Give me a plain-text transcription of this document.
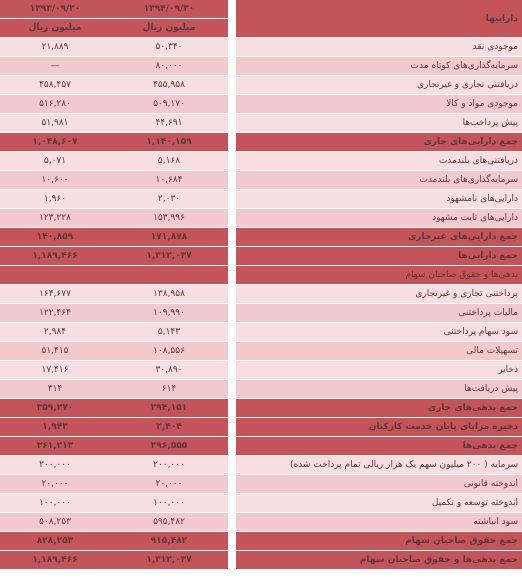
داراییها		۱۳۹۴/۰۹/۳۰	۱۳۹۳/۰۹/۳۰
		میلیون ریال	میلیون ریال
موجودی نقد		۵۰,۳۴۰	۲۱,۸۸۹
سرمایه‌گذاری‌های کوتاه مدت		۸۰,۰۰۰	—
دریافتنی تجاری و غیرتجاری		۴۵۵,۹۵۸	۴۵۸,۴۵۷
موجودی مواد و کالا		۵۰۹,۱۷۰	۵۱۶,۲۸۰
پیش پرداخت‌ها		۴۴,۶۹۱	۵۱,۹۸۱
جمع دارایی‌های جاری		۱,۱۴۰,۱۵۹	۱,۰۴۸,۶۰۷
دریافتنی‌های بلندمدت		۵,۱۶۸	۵,۰۷۱
سرمایه‌گذاری‌های بلندمدت		۱۰,۶۸۴	۱۰,۶۰۰
دارایی‌های نامشهود		۲,۰۳۰	۱,۹۶۰
دارایی‌های ثابت مشهود		۱۵۳,۹۹۶	۱۲۳,۲۲۸
جمع دارایی‌های غیرجاری		۱۷۱,۸۷۸	۱۴۰,۸۵۹
جمع دارایی‌ها		۱,۳۱۲,۰۳۷	۱,۱۸۹,۴۶۶
بدهی‌ها و حقوق صاحبان سهام			
پرداختنی تجاری و غیرتجاری		۱۳۸,۹۵۸	۱۶۴,۶۷۷
مالیات پرداختنی		۱۰۹,۹۹۰	۱۲۲,۴۶۴
سود سهام پرداختنی		۵,۱۴۳	۲,۹۸۴
تسهیلات مالی		۱۰۸,۵۵۶	۵۱,۴۱۵
ذخایر		۳۰,۸۹۰	۱۷,۴۱۶
پیش دریافت‌ها		۶۱۴	۳۱۴
جمع بدهی‌های جاری		۲۹۴,۱۵۱	۳۵۹,۲۷۰
ذخیره مزایای پایان خدمت کارکنان		۲,۴۰۴	۱,۹۴۳
جمع بدهی‌ها		۲۹۶,۵۵۵	۳۶۱,۲۱۳
سرمایه ( ۲۰۰ میلیون سهم یک هزار ریالی تمام پرداخت شده)		۲۰۰,۰۰۰	۲۰۰,۰۰۰
اندوخته قانونی		۲۰,۰۰۰	۲۰,۰۰۰
اندوخته توسعه و تکمیل		۱۰۰,۰۰۰	۱۰۰,۰۰۰
سود انباشته		۵۹۵,۴۸۲	۵۰۸,۲۵۳
جمع حقوق صاحبان سهام		۹۱۵,۴۸۲	۸۲۸,۲۵۳
جمع بدهی‌ها و حقوق صاحبان سهام		۱,۳۱۲,۰۳۷	۱,۱۸۹,۴۶۶
